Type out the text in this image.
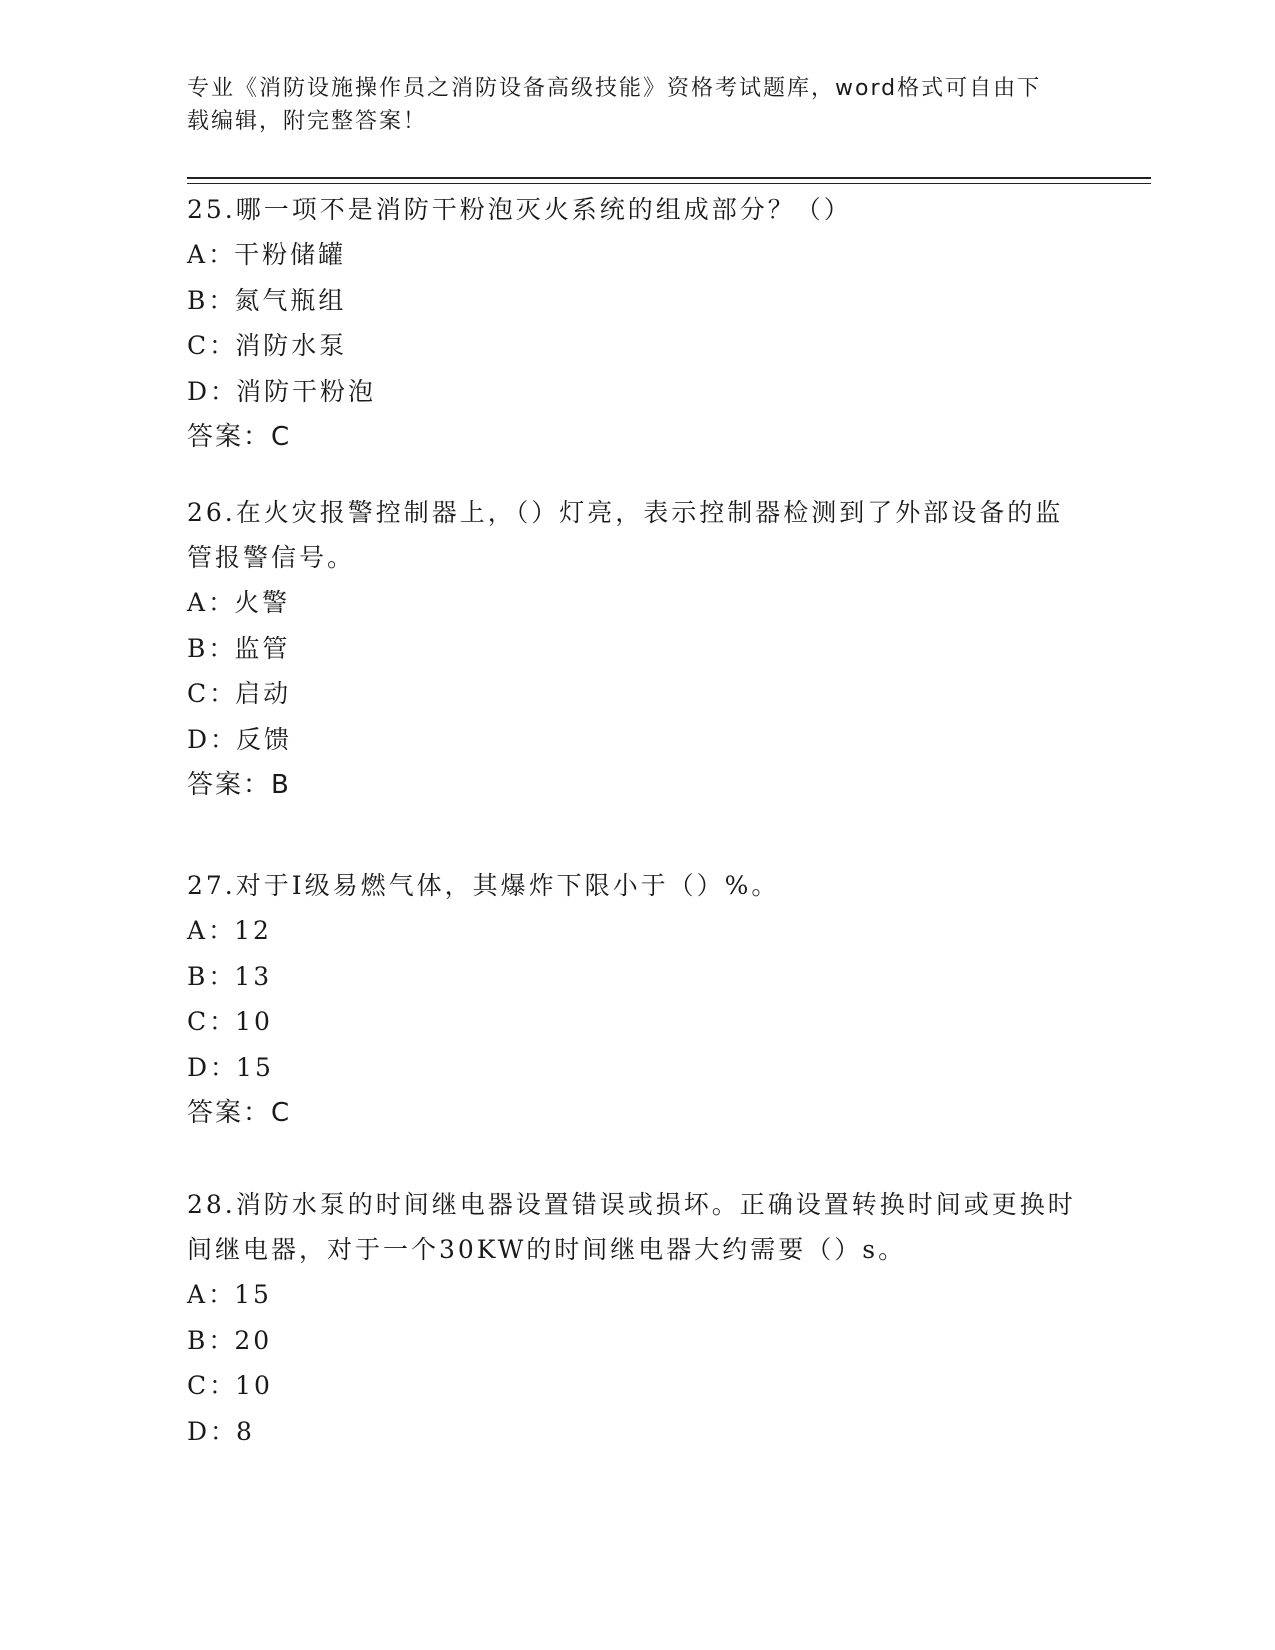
专业《消防设施操作员之消防设备高级技能》资格考试题库，word格式可自由下
载编辑，附完整答案！

25.哪一项不是消防干粉泡灭火系统的组成部分？（）

A：干粉储罐

B：氮气瓶组

C：消防水泵

D：消防干粉泡

答案：C

26.在火灾报警控制器上，（）灯亮，表示控制器检测到了外部设备的监管报警信号。

A：火警

B：监管

C：启动

D：反馈

答案：B

27.对于Ⅰ级易燃气体，其爆炸下限小于（）%。

A：12

B：13

C：10

D：15

答案：C

28.消防水泵的时间继电器设置错误或损坏。正确设置转换时间或更换时间继电器，对于一个30KW的时间继电器大约需要（）s。

A：15

B：20

C：10

D：8
